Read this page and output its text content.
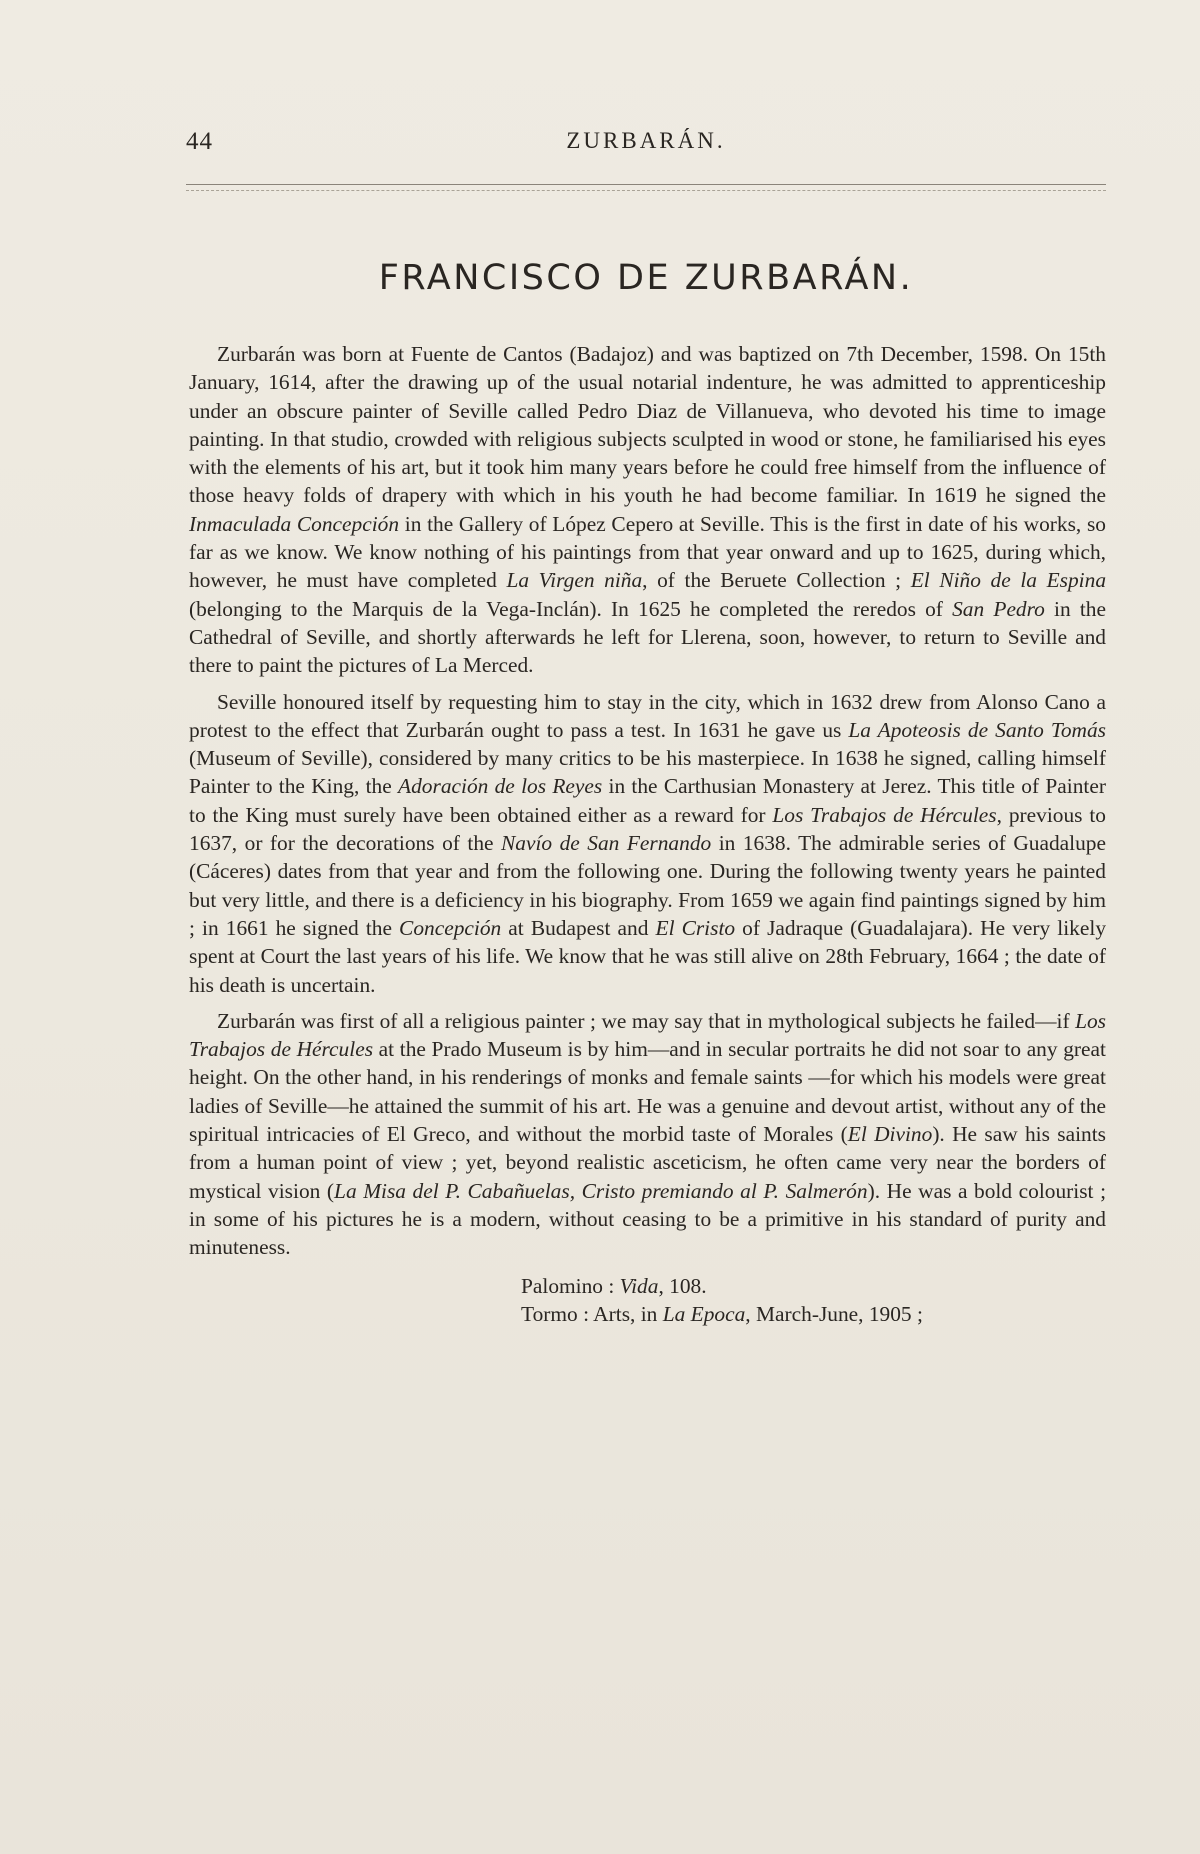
44	ZURBARÁN.
FRANCISCO DE ZURBARÁN.

Zurbarán was born at Fuente de Cantos (Badajoz) and was baptized on 7th December, 1598. On 15th January, 1614, after the drawing up of the usual notarial indenture, he was admitted to apprenticeship under an obscure painter of Seville called Pedro Diaz de Villanueva, who devoted his time to image painting. In that studio, crowded with religious subjects sculpted in wood or stone, he familiarised his eyes with the elements of his art, but it took him many years before he could free himself from the influence of those heavy folds of drapery with which in his youth he had become familiar. In 1619 he signed the Inmaculada Concepción in the Gallery of López Cepero at Seville. This is the first in date of his works, so far as we know. We know nothing of his paintings from that year onward and up to 1625, during which, however, he must have completed La Virgen niña, of the Beruete Collection ; El Niño de la Espina (belonging to the Marquis de la Vega-Inclán). In 1625 he completed the reredos of San Pedro in the Cathedral of Seville, and shortly afterwards he left for Llerena, soon, however, to return to Seville and there to paint the pictures of La Merced.

Seville honoured itself by requesting him to stay in the city, which in 1632 drew from Alonso Cano a protest to the effect that Zurbarán ought to pass a test. In 1631 he gave us La Apoteosis de Santo Tomás (Museum of Seville), considered by many critics to be his masterpiece. In 1638 he signed, calling himself Painter to the King, the Adoración de los Reyes in the Carthusian Monastery at Jerez. This title of Painter to the King must surely have been obtained either as a reward for Los Trabajos de Hércules, previous to 1637, or for the decorations of the Navío de San Fernando in 1638. The admirable series of Guadalupe (Cáceres) dates from that year and from the following one. During the following twenty years he painted but very little, and there is a deficiency in his biography. From 1659 we again find paintings signed by him ; in 1661 he signed the Concepción at Budapest and El Cristo of Jadraque (Guadalajara). He very likely spent at Court the last years of his life. We know that he was still alive on 28th February, 1664 ; the date of his death is uncertain.

Zurbarán was first of all a religious painter ; we may say that in mythological subjects he failed—if Los Trabajos de Hércules at the Prado Museum is by him—and in secular portraits he did not soar to any great height. On the other hand, in his renderings of monks and female saints —for which his models were great ladies of Seville—he attained the summit of his art. He was a genuine and devout artist, without any of the spiritual intricacies of El Greco, and without the morbid taste of Morales (El Divino). He saw his saints from a human point of view ; yet, beyond realistic asceticism, he often came very near the borders of mystical vision (La Misa del P. Cabañuelas, Cristo premiando al P. Salmerón). He was a bold colourist ; in some of his pictures he is a modern, without ceasing to be a primitive in his standard of purity and minuteness.

Palomino : Vida, 108.
Tormo : Arts, in La Epoca, March-June, 1905 ;
